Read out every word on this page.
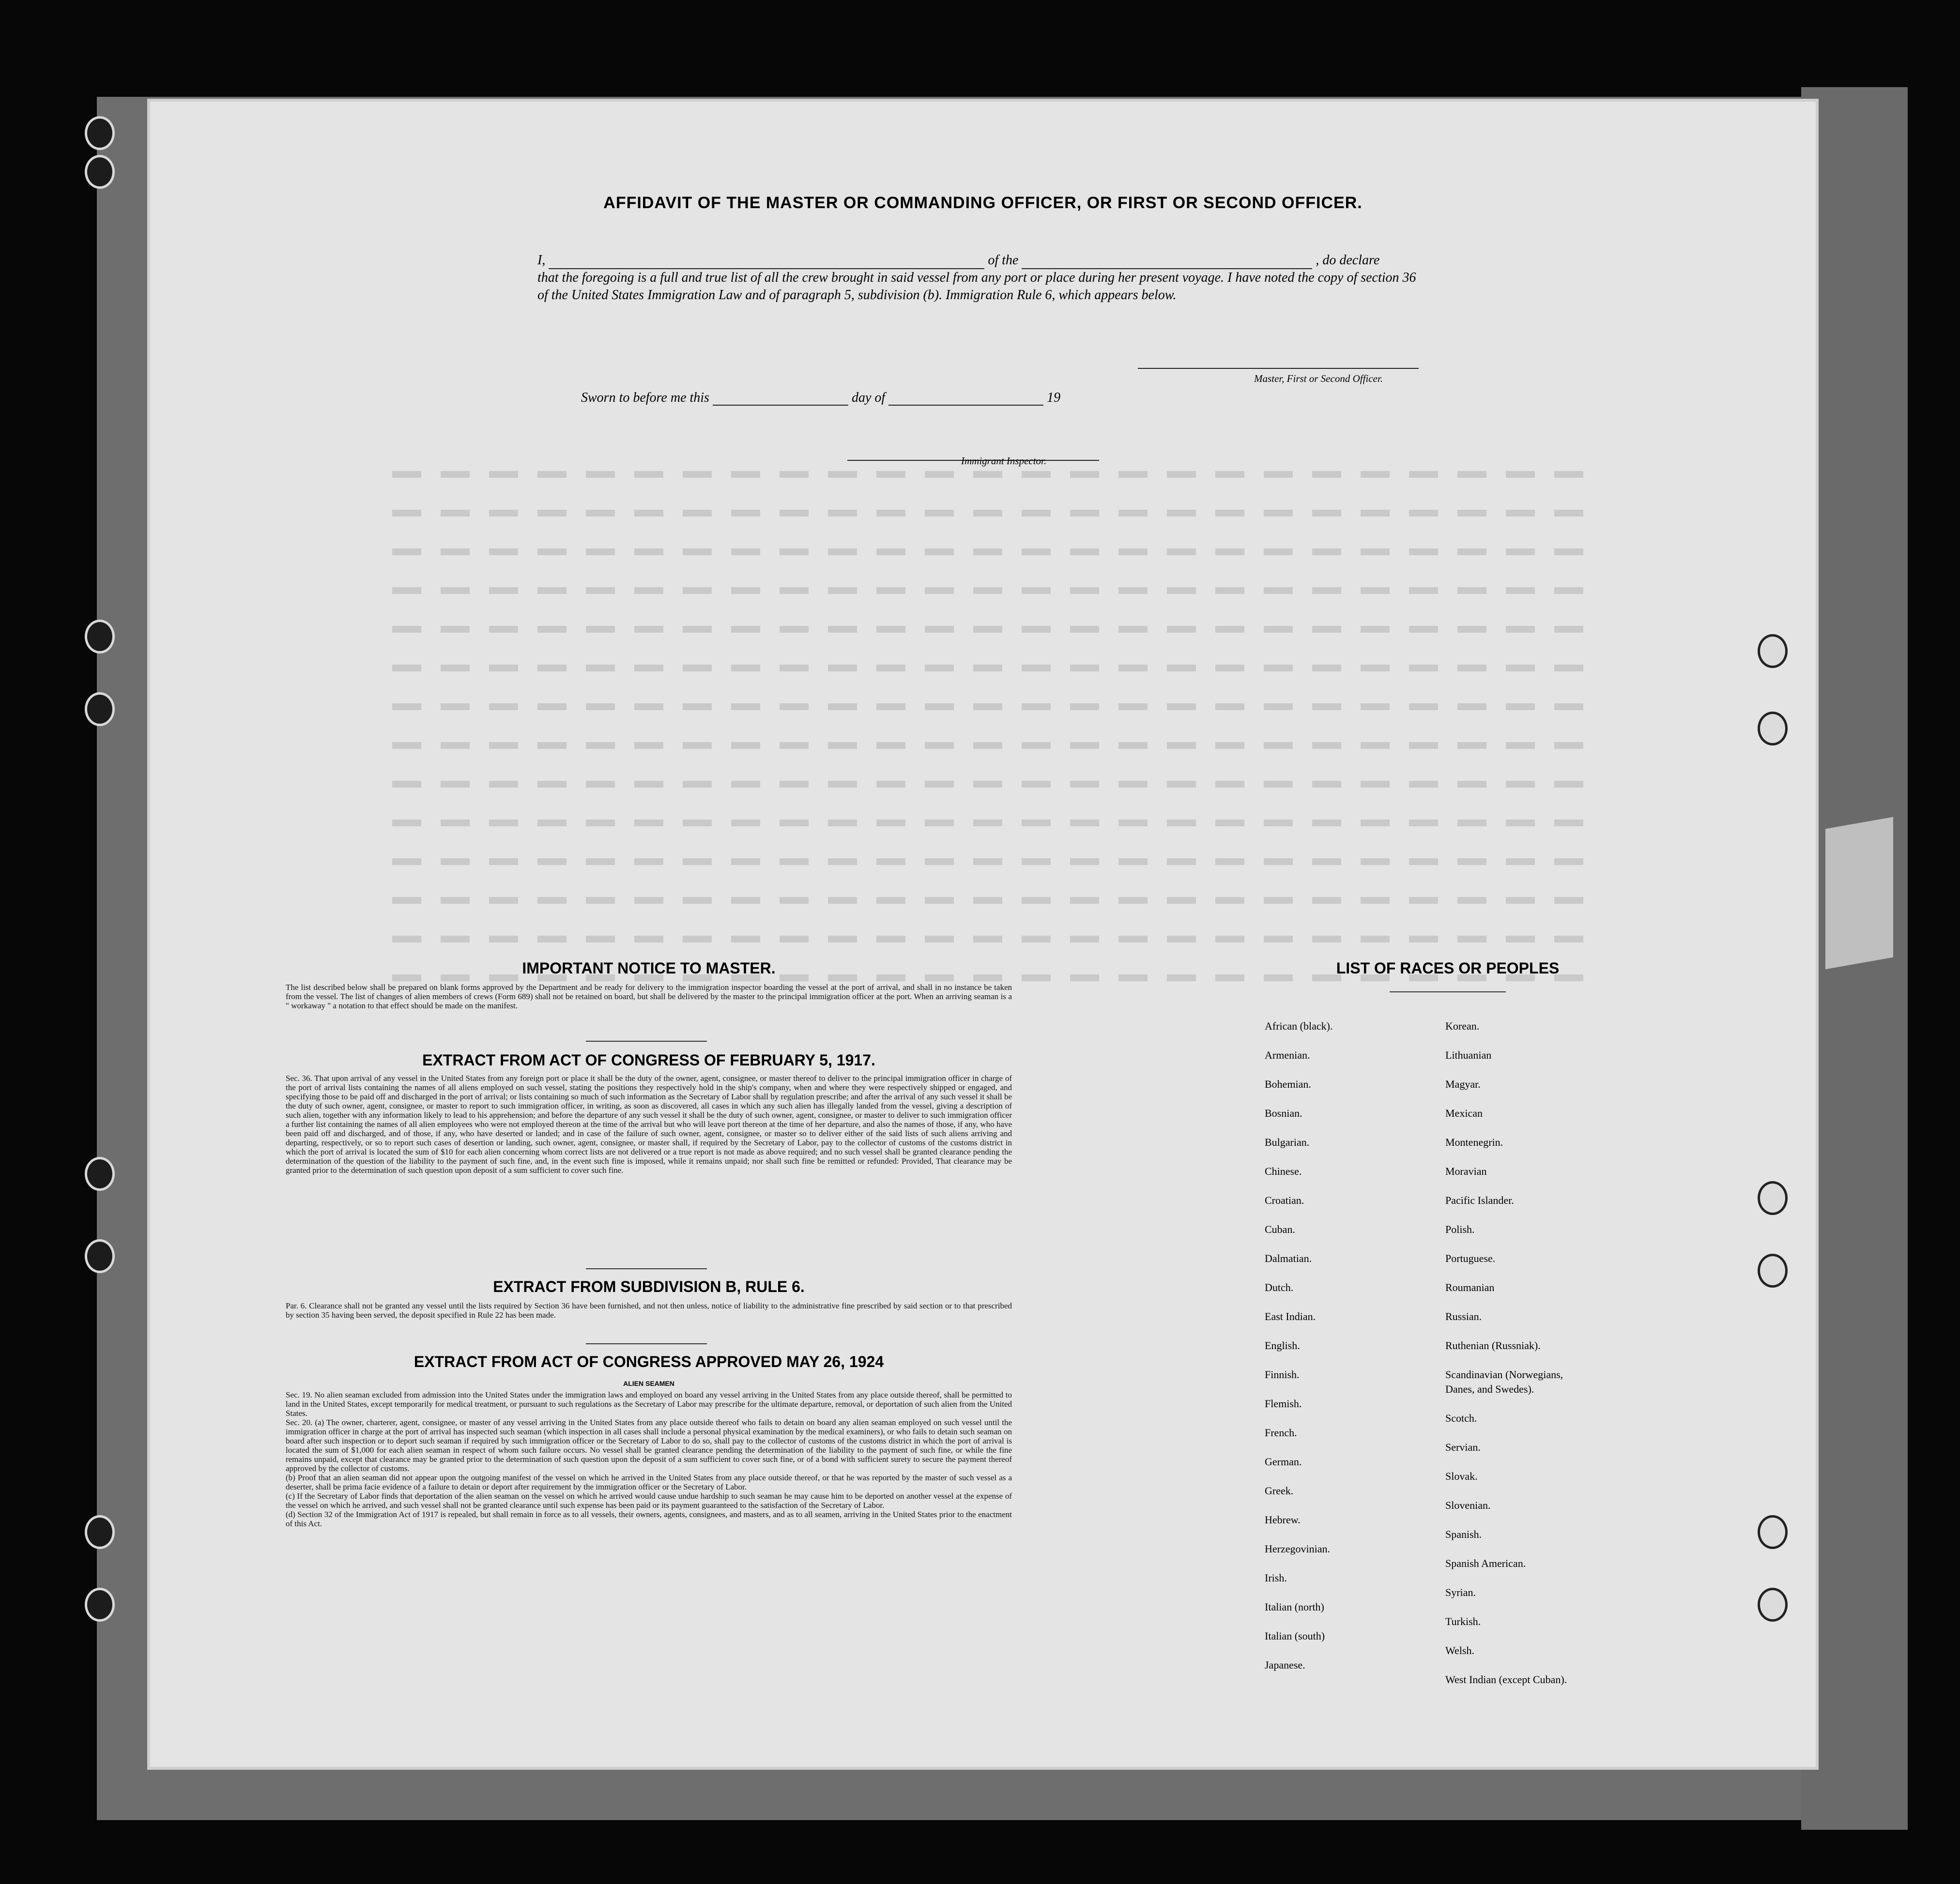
AFFIDAVIT OF THE MASTER OR COMMANDING OFFICER, OR FIRST OR SECOND OFFICER.
I,	of the	, do declare
that the foregoing is a full and true list of all the crew brought in said vessel from any port or place during her present voyage. I have noted the copy of section 36 of the United States Immigration Law and of paragraph 5, subdivision (b). Immigration Rule 6, which appears below.
Master, First or Second Officer.
Sworn to before me this	day of	19
Immigrant Inspector.
IMPORTANT NOTICE TO MASTER.
The list described below shall be prepared on blank forms approved by the Department and be ready for delivery to the immigration inspector boarding the vessel at the port of arrival, and shall in no instance be taken from the vessel. The list of changes of alien members of crews (Form 689) shall not be retained on board, but shall be delivered by the master to the principal immigration officer at the port. When an arriving seaman is a " workaway " a notation to that effect should be made on the manifest.
EXTRACT FROM ACT OF CONGRESS OF FEBRUARY 5, 1917.
Sec. 36. That upon arrival of any vessel in the United States from any foreign port or place it shall be the duty of the owner, agent, consignee, or master thereof to deliver to the principal immigration officer in charge of the port of arrival lists containing the names of all aliens employed on such vessel, stating the positions they respectively hold in the ship's company, when and where they were respectively shipped or engaged, and specifying those to be paid off and discharged in the port of arrival; or lists containing so much of such information as the Secretary of Labor shall by regulation prescribe; and after the arrival of any such vessel it shall be the duty of such owner, agent, consignee, or master to report to such immigration officer, in writing, as soon as discovered, all cases in which any such alien has illegally landed from the vessel, giving a description of such alien, together with any information likely to lead to his apprehension; and before the departure of any such vessel it shall be the duty of such owner, agent, consignee, or master to deliver to such immigration officer a further list containing the names of all alien employees who were not employed thereon at the time of the arrival but who will leave port thereon at the time of her departure, and also the names of those, if any, who have been paid off and discharged, and of those, if any, who have deserted or landed; and in case of the failure of such owner, agent, consignee, or master so to deliver either of the said lists of such aliens arriving and departing, respectively, or so to report such cases of desertion or landing, such owner, agent, consignee, or master shall, if required by the Secretary of Labor, pay to the collector of customs of the customs district in which the port of arrival is located the sum of $10 for each alien concerning whom correct lists are not delivered or a true report is not made as above required; and no such vessel shall be granted clearance pending the determination of the question of the liability to the payment of such fine, and, in the event such fine is imposed, while it remains unpaid; nor shall such fine be remitted or refunded: Provided, That clearance may be granted prior to the determination of such question upon deposit of a sum sufficient to cover such fine.
EXTRACT FROM SUBDIVISION B, RULE 6.
Par. 6. Clearance shall not be granted any vessel until the lists required by Section 36 have been furnished, and not then unless, notice of liability to the administrative fine prescribed by said section or to that prescribed by section 35 having been served, the deposit specified in Rule 22 has been made.
EXTRACT FROM ACT OF CONGRESS APPROVED MAY 26, 1924
ALIEN SEAMEN
Sec. 19. No alien seaman excluded from admission into the United States under the immigration laws and employed on board any vessel arriving in the United States from any place outside thereof, shall be permitted to land in the United States, except temporarily for medical treatment, or pursuant to such regulations as the Secretary of Labor may prescribe for the ultimate departure, removal, or deportation of such alien from the United States.
Sec. 20. (a) The owner, charterer, agent, consignee, or master of any vessel arriving in the United States from any place outside thereof who fails to detain on board any alien seaman employed on such vessel until the immigration officer in charge at the port of arrival has inspected such seaman (which inspection in all cases shall include a personal physical examination by the medical examiners), or who fails to detain such seaman on board after such inspection or to deport such seaman if required by such immigration officer or the Secretary of Labor to do so, shall pay to the collector of customs of the customs district in which the port of arrival is located the sum of $1,000 for each alien seaman in respect of whom such failure occurs. No vessel shall be granted clearance pending the determination of the liability to the payment of such fine, or while the fine remains unpaid, except that clearance may be granted prior to the determination of such question upon the deposit of a sum sufficient to cover such fine, or of a bond with sufficient surety to secure the payment thereof approved by the collector of customs.
(b) Proof that an alien seaman did not appear upon the outgoing manifest of the vessel on which he arrived in the United States from any place outside thereof, or that he was reported by the master of such vessel as a deserter, shall be prima facie evidence of a failure to detain or deport after requirement by the immigration officer or the Secretary of Labor.
(c) If the Secretary of Labor finds that deportation of the alien seaman on the vessel on which he arrived would cause undue hardship to such seaman he may cause him to be deported on another vessel at the expense of the vessel on which he arrived, and such vessel shall not be granted clearance until such expense has been paid or its payment guaranteed to the satisfaction of the Secretary of Labor.
(d) Section 32 of the Immigration Act of 1917 is repealed, but shall remain in force as to all vessels, their owners, agents, consignees, and masters, and as to all seamen, arriving in the United States prior to the enactment of this Act.
LIST OF RACES OR PEOPLES
African (black).
Armenian.
Bohemian.
Bosnian.
Bulgarian.
Chinese.
Croatian.
Cuban.
Dalmatian.
Dutch.
East Indian.
English.
Finnish.
Flemish.
French.
German.
Greek.
Hebrew.
Herzegovinian.
Irish.
Italian (north)
Italian (south)
Japanese.
Korean.
Lithuanian
Magyar.
Mexican
Montenegrin.
Moravian
Pacific Islander.
Polish.
Portuguese.
Roumanian
Russian.
Ruthenian (Russniak).
Scandinavian (Norwegians,
Danes, and Swedes).
Scotch.
Servian.
Slovak.
Slovenian.
Spanish.
Spanish American.
Syrian.
Turkish.
Welsh.
West Indian (except Cuban).
